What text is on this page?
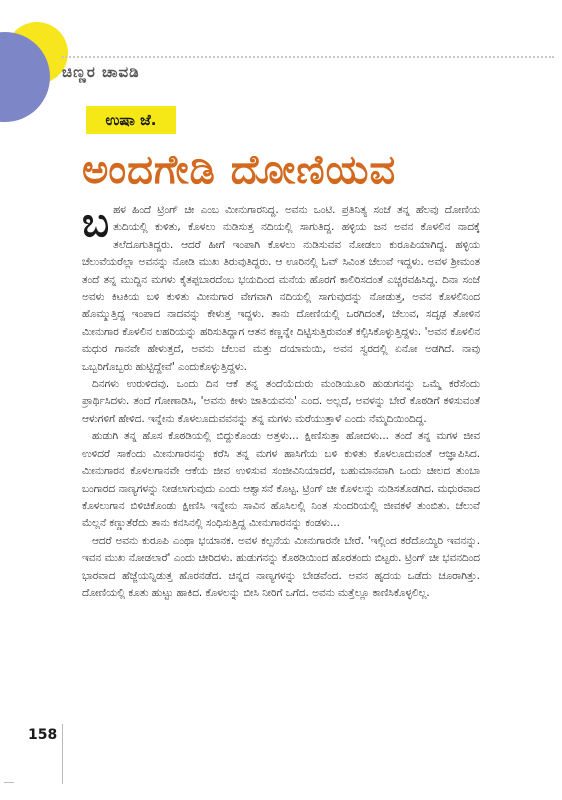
ಚಿಣ್ಣರ ಚಾವಡಿ
ಉಷಾ ಜೆ.
ಅಂದಗೇಡಿ ದೋಣಿಯವ

ಬಹಳ ಹಿಂದೆ ಟ್ರಿಂಗ್ ಚೀ ಎಂಬ ಮೀನುಗಾರನಿದ್ದ. ಅವನು ಒಂಟಿ. ಪ್ರತಿನಿತ್ಯ ಸಂಜೆ ತನ್ನ ಹೆಲವು ದೋಣಿಯ ತುದಿಯಲ್ಲಿ ಕುಳಿತು, ಕೊಳಲು ನುಡಿಸುತ್ತ ನದಿಯಲ್ಲಿ ಸಾಗುತಿದ್ದ. ಹಳ್ಳಿಯ ಜನ ಅವನ ಕೊಳಲಿನ ನಾದಕ್ಕೆ ತಲೆದೂಗುತಿದ್ದರು. ಆದರೆ ಹೀಗೆ ಇಂಪಾಗಿ ಕೊಳಲು ನುಡಿಸುವವ ನೋಡಲು ಕುರೂಪಿಯಾಗಿದ್ದ. ಹಳ್ಳಿಯ ಚೆಲುವೆಯರೆಲ್ಲಾ ಅವನನ್ನು ನೋಡಿ ಮುಖ ತಿರುವುತಿದ್ದರು. ಆ ಊರಿನಲ್ಲಿ ಓವ್ ಸಿವಿಂತ ಚೆಲುವೆ ಇದ್ದಳು. ಅವಳ ಶ್ರೀಮಂತ ತಂದೆ ತನ್ನ ಮುದ್ದಿನ ಮಗಳು ಕೈತಪ್ಪಬಾರದೆಂಬ ಭಯದಿಂದ ಮನೆಯ ಹೊರಗೆ ಕಾಲಿರಿಸದಂತೆ ಎಚ್ಚರವಹಿಸಿದ್ದ. ದಿನಾ ಸಂಜೆ ಅವಳು ಕಿಟಕಿಯ ಬಳಿ ಕುಳಿತು ಮೀನುಗಾರ ವೇಗವಾಗಿ ನದಿಯಲ್ಲಿ ಸಾಗುವುದನ್ನು ನೋಡುತ್ತ, ಅವನ ಕೊಳಲಿನಿಂದ ಹೊಮ್ಮುತ್ತಿದ್ದ ಇಂಪಾದ ನಾದವನ್ನು ಕೇಳುತ್ತ ಇದ್ದಳು. ತಾನು ದೋಣಿಯಲ್ಲಿ ಒರಗಿದಂತೆ, ಚೆಲುವ, ಸದೃಢ ತೋಳಿನ ಮೀನುಗಾರ ಕೊಳಲಿನ ಲಹರಿಯನ್ನು ಹರಿಸುತಿದ್ದಾಗ ಆತನ ಕಣ್ಣನ್ನೇ ದಿಟ್ಟಿಸುತ್ತಿರುವಂತೆ ಕಲ್ಪಿಸಿಕೊಳ್ಳುತ್ತಿದ್ದಳು. 'ಅವನ ಕೊಳಲಿನ ಮಧುರ ಗಾನವೇ ಹೇಳುತ್ತದೆ, ಅವನು ಚೆಲುವ ಮತ್ತು ದಯಾಮಯಿ, ಅವನ ಸ್ವರದಲ್ಲಿ ಏನೋ ಅಡಗಿದೆ. ನಾವು ಒಬ್ಬರಿಗೊಬ್ಬರು ಹುಟ್ಟಿದ್ದೇವೆ' ಎಂದುಕೊಳ್ಳುತ್ತಿದ್ದಳು.

ದಿನಗಳು ಉರುಳಿದವು. ಒಂದು ದಿನ ಆಕೆ ತನ್ನ ತಂದೆಯೆದುರು ಮಂಡಿಯೂರಿ ಹುಡುಗನನ್ನು ಒಮ್ಮೆ ಕರೆಸೆಂದು ಪ್ರಾರ್ಥಿಸಿದಳು. ತಂದೆ ಗೋಣಾಡಿಸಿ, 'ಅವನು ಕೀಳು ಜಾತಿಯವನು' ಎಂದ. ಅಲ್ಲದೆ, ಅವಳನ್ನು ಬೇರೆ ಕೊಠಡಿಗೆ ಕಳಿಸುವಂತೆ ಆಳುಗಳಿಗೆ ಹೇಳಿದ. ಇನ್ನೇನು ಕೊಳಲೂದುವವನನ್ನು ತನ್ನ ಮಗಳು ಮರೆಯುತ್ತಾಳೆ ಎಂದು ನೆಮ್ಮದಿಯಿಂದಿದ್ದ.

ಹುಡುಗಿ ತನ್ನ ಹೊಸ ಕೊಠಡಿಯಲ್ಲಿ ಬಿದ್ದುಕೊಂಡು ಅತ್ತಳು... ಕ್ಷೀಣಿಸುತ್ತಾ ಹೋದಳು... ತಂದೆ ತನ್ನ ಮಗಳ ಜೀವ ಉಳಿದರೆ ಸಾಕೆಂದು ಮೀನುಗಾರನನ್ನು ಕರೆಸಿ ತನ್ನ ಮಗಳ ಹಾಸಿಗೆಯ ಬಳಿ ಕುಳಿತು ಕೊಳಲೂದುವಂತೆ ಆಜ್ಞಾಪಿಸಿದ. ಮೀನುಗಾರನ ಕೊಳಲಗಾನವೇ ಆಕೆಯ ಜೀವ ಉಳಿಸುವ ಸಂಜೀವಿನಿಯಾದರೆ, ಬಹುಮಾನವಾಗಿ ಒಂದು ಚೀಲದ ತುಂಬಾ ಬಂಗಾರದ ನಾಣ್ಯಗಳನ್ನು ನೀಡಲಾಗುವುದು ಎಂದು ಆಶ್ವಾಸನೆ ಕೊಟ್ಟ. ಟ್ರಿಂಗ್ ಚೀ ಕೊಳಲನ್ನು ನುಡಿಸತೊಡಗಿದ. ಮಧುರವಾದ ಕೊಳಲುಗಾನ ಬಿಳಿಚಿಕೊಂಡು ಕ್ಷೀಣಿಸಿ ಇನ್ನೇನು ಸಾವಿನ ಹೊಸಿಲಲ್ಲಿ ನಿಂತ ಸುಂದರಿಯಲ್ಲಿ ಜೀವಕಳೆ ತುಂಬಿತು. ಚೆಲುವೆ ಮೆಲ್ಲನೆ ಕಣ್ಣುತೆರೆದು ತಾನು ಕನಸಿನಲ್ಲಿ ಸಂಧಿಸುತ್ತಿದ್ದ ಮೀನುಗಾರನನ್ನು ಕಂಡಳು...

ಆದರೆ ಅವನು ಕುರೂಪಿ ಎಂಥಾ ಭಯಾನಕ. ಅವಳ ಕಲ್ಪನೆಯ ಮೀನುಗಾರನೇ ಬೇರೆ. 'ಇಲ್ಲಿಂದ ಕರೆದೊಯ್ಯಿರಿ ಇವನನ್ನು. ಇವನ ಮುಖ ನೋಡಲಾರೆ' ಎಂದು ಚೀರಿದಳು. ಹುಡುಗನನ್ನು ಕೊಠಡಿಯಿಂದ ಹೊರತಂದು ಬಿಟ್ಟರು. ಟ್ರಿಂಗ್ ಚೀ ಭವನದಿಂದ ಭಾರವಾದ ಹೆಜ್ಜೆಯನ್ನಿಡುತ್ತ ಹೊರನಡೆದ. ಚಿನ್ನದ ನಾಣ್ಯಗಳನ್ನು ಬೇಡವೆಂದ. ಅವನ ಹೃದಯ ಒಡೆದು ಚೂರಾಗಿತ್ತು. ದೋಣಿಯಲ್ಲಿ ಕೂತು ಹುಟ್ಟು ಹಾಕಿದ. ಕೊಳಲನ್ನು ಬೀಸಿ ನೀರಿಗೆ ಒಗೆದ. ಅವನು ಮತ್ತೆಲ್ಲೂ ಕಾಣಿಸಿಕೊಳ್ಳಲಿಲ್ಲ.

158
